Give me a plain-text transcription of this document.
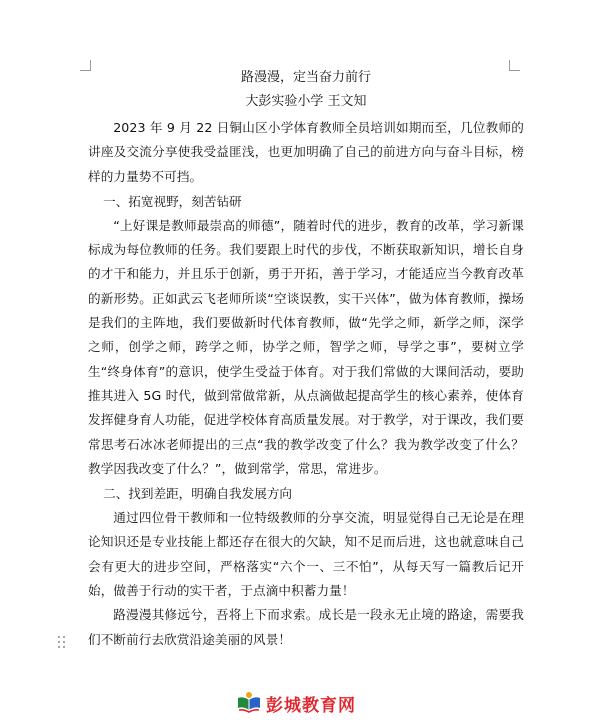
路漫漫，定当奋力前行

大彭实验小学 王文知

2023 年 9 月 22 日铜山区小学体育教师全员培训如期而至，几位教师的讲座及交流分享使我受益匪浅，也更加明确了自己的前进方向与奋斗目标，榜样的力量势不可挡。

一、拓宽视野，刻苦钻研

“上好课是教师最崇高的师德”，随着时代的进步，教育的改革，学习新课标成为每位教师的任务。我们要跟上时代的步伐，不断获取新知识，增长自身的才干和能力，并且乐于创新，勇于开拓，善于学习，才能适应当今教育改革的新形势。正如武云飞老师所谈“空谈误教，实干兴体”，做为体育教师，操场是我们的主阵地，我们要做新时代体育教师，做“先学之师，新学之师，深学之师，创学之师，跨学之师，协学之师，智学之师，导学之事”，要树立学生“终身体育”的意识，使学生受益于体育。对于我们常做的大课间活动，要助推其进入 5G 时代，做到常做常新，从点滴做起提高学生的核心素养，使体育发挥健身育人功能，促进学校体育高质量发展。对于教学，对于课改，我们要常思考石冰冰老师提出的三点“我的教学改变了什么？我为教学改变了什么？教学因我改变了什么？”，做到常学，常思，常进步。

二、找到差距，明确自我发展方向

通过四位骨干教师和一位特级教师的分享交流，明显觉得自己无论是在理论知识还是专业技能上都还存在很大的欠缺，知不足而后进，这也就意味自己会有更大的进步空间，严格落实“六个一、三不怕”，从每天写一篇教后记开始，做善于行动的实干者，于点滴中积蓄力量！

路漫漫其修远兮，吾将上下而求索。成长是一段永无止境的路途，需要我们不断前行去欣赏沿途美丽的风景！

彭城教育网
